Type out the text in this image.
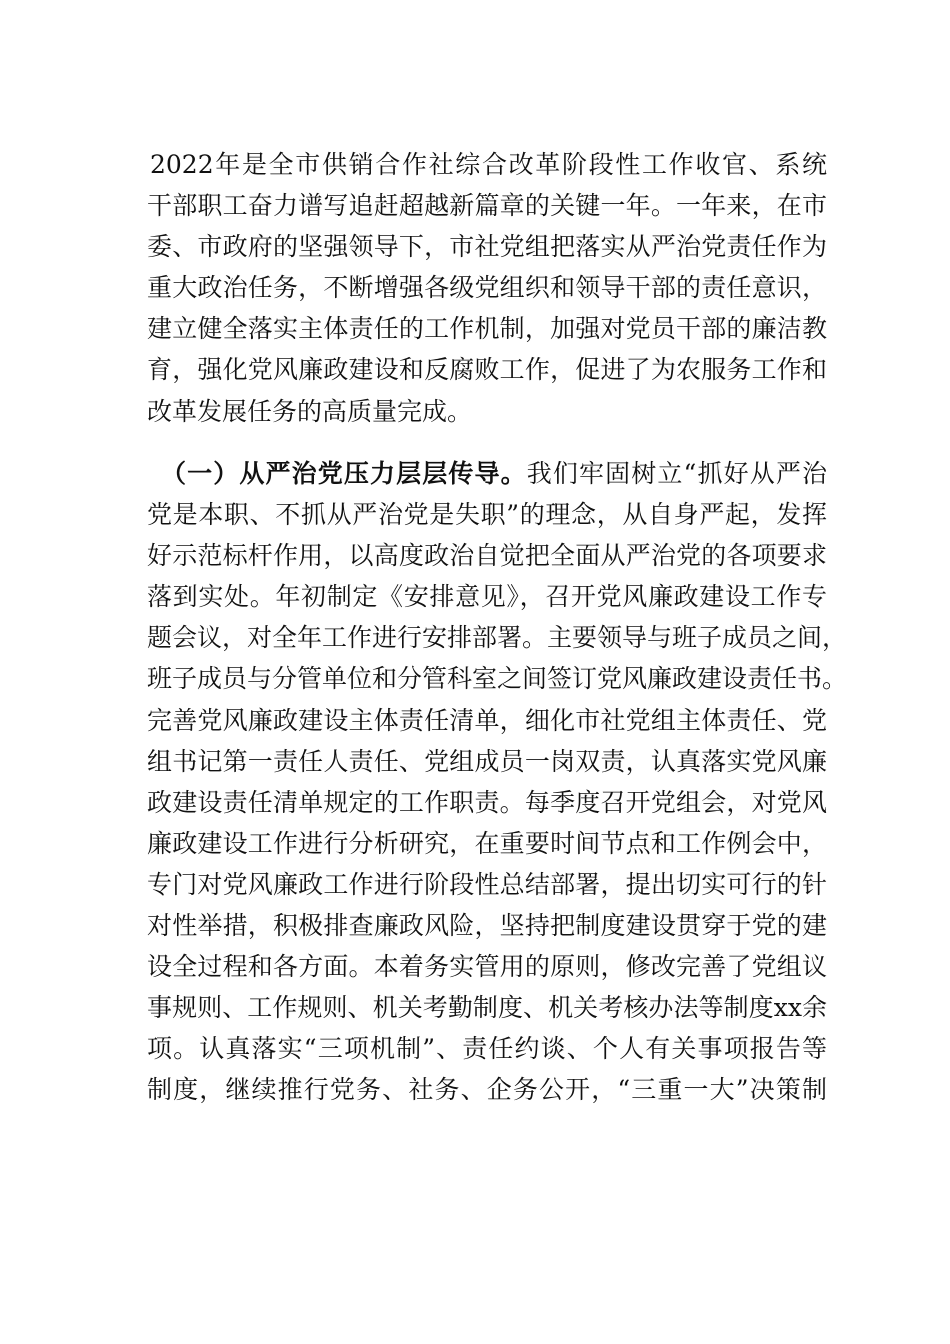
2022年是全市供销合作社综合改革阶段性工作收官、系统
干部职工奋力谱写追赶超越新篇章的关键一年。一年来，在市
委、市政府的坚强领导下，市社党组把落实从严治党责任作为
重大政治任务，不断增强各级党组织和领导干部的责任意识，
建立健全落实主体责任的工作机制，加强对党员干部的廉洁教
育，强化党风廉政建设和反腐败工作，促进了为农服务工作和
改革发展任务的高质量完成。
（一）从严治党压力层层传导。我们牢固树立“抓好从严治
党是本职、不抓从严治党是失职”的理念，从自身严起，发挥
好示范标杆作用，以高度政治自觉把全面从严治党的各项要求
落到实处。年初制定《安排意见》，召开党风廉政建设工作专
题会议，对全年工作进行安排部署。主要领导与班子成员之间，
班子成员与分管单位和分管科室之间签订党风廉政建设责任书。
完善党风廉政建设主体责任清单，细化市社党组主体责任、党
组书记第一责任人责任、党组成员一岗双责，认真落实党风廉
政建设责任清单规定的工作职责。每季度召开党组会，对党风
廉政建设工作进行分析研究，在重要时间节点和工作例会中，
专门对党风廉政工作进行阶段性总结部署，提出切实可行的针
对性举措，积极排查廉政风险，坚持把制度建设贯穿于党的建
设全过程和各方面。本着务实管用的原则，修改完善了党组议
事规则、工作规则、机关考勤制度、机关考核办法等制度xx余
项。认真落实“三项机制”、责任约谈、个人有关事项报告等
制度，继续推行党务、社务、企务公开，“三重一大”决策制
